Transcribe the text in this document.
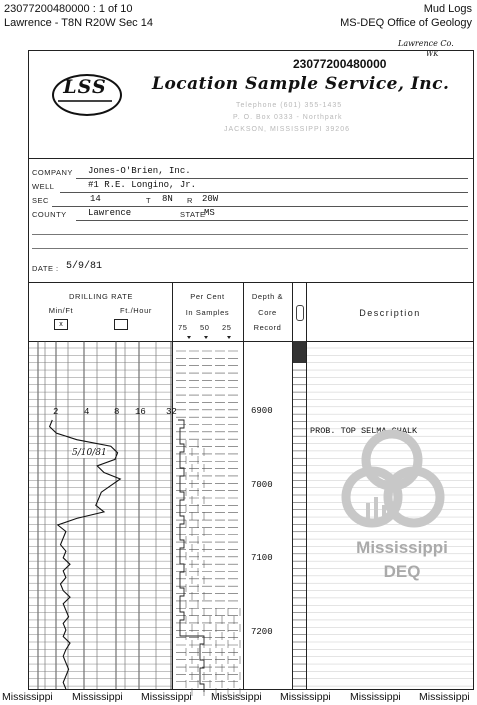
23077200480000 : 1 of 10
Lawrence - T8N R20W Sec 14
Mud Logs
MS-DEQ Office of Geology
Lawrence Co.
WK
23077200480000
LSS	Location Sample Service, Inc.
Telephone (601) 355-1435
P. O. Box 0333 - Northpark
JACKSON, MISSISSIPPI 39206
COMPANY Jones-O'Brien, Inc.
WELL	#1 R.E. Longino, Jr.
SEC	14	T 8N R 20W
COUNTY Lawrence	STATE
MS
DATE : 5/9/81
DRILLING RATE
Min/Ft	Ft./Hour
x
Per Cent
In Samples
75 50 25
Depth &
Core
Record
Description
2	4	8 16 32
5/10/81
6900
7000
7100
7200
PROB. TOP SELMA CHALK
Mississippi
DEQ
Mississippi Mississippi Mississippi Mississippi Mississippi Mississippi Mississippi
